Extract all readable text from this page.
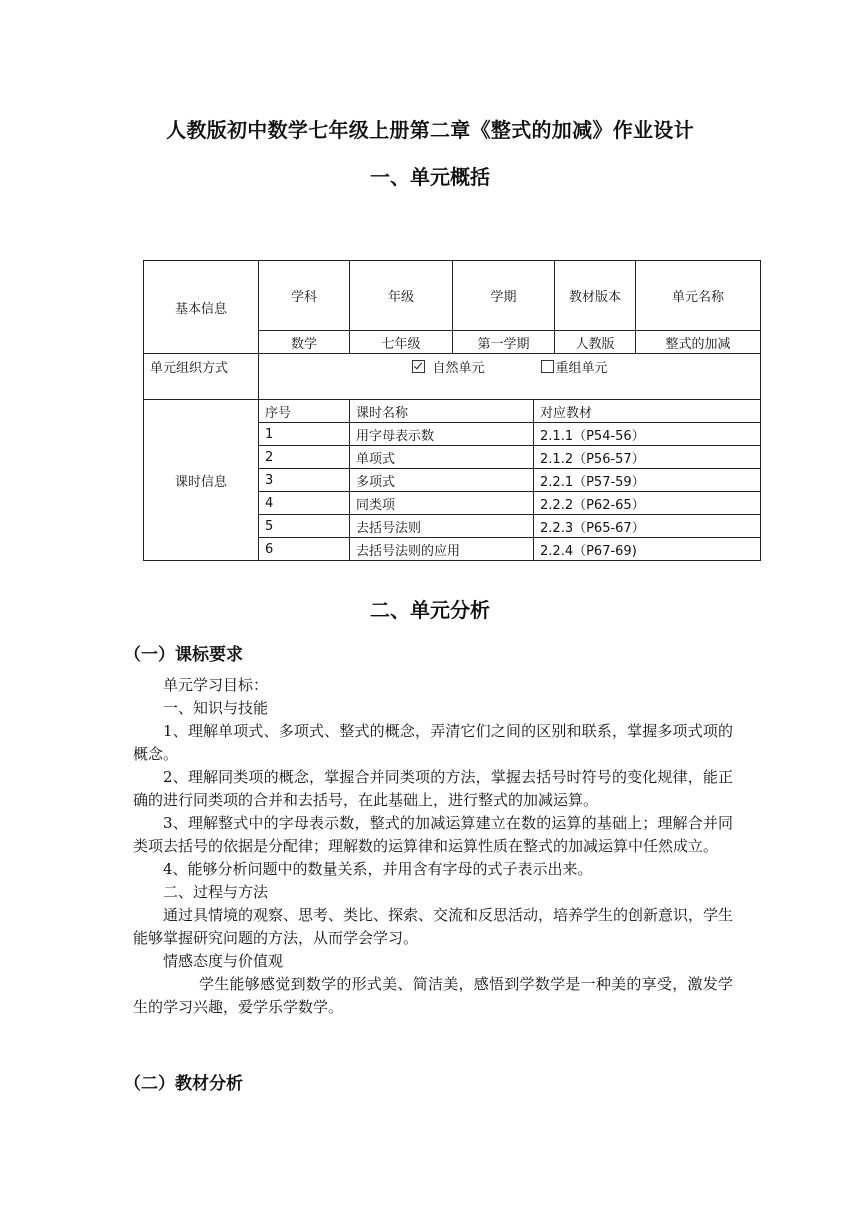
人教版初中数学七年级上册第二章《整式的加减》作业设计
一、单元概括
基本信息	学科	年级	学期		教材版本	单元名称
	数学	七年级	第一学期		人教版	整式的加减
单元组织方式	自然单元 重组单元					

课时信息	序号	课时名称		对应教材		
	1	用字母表示数		2.1.1（P54-56）		
	2	单项式		2.1.2（P56-57）		
	3	多项式		2.2.1（P57-59）		
	4	同类项		2.2.2（P62-65）		
	5	去括号法则		2.2.3（P65-67）		
	6	去括号法则的应用		2.2.4（P67-69)		
二、单元分析
（一）课标要求

单元学习目标：

一、知识与技能

1、理解单项式、多项式、整式的概念，弄清它们之间的区别和联系，掌握多项式项的概念。

2、理解同类项的概念，掌握合并同类项的方法，掌握去括号时符号的变化规律，能正确的进行同类项的合并和去括号，在此基础上，进行整式的加减运算。

3、理解整式中的字母表示数，整式的加减运算建立在数的运算的基础上；理解合并同类项去括号的依据是分配律；理解数的运算律和运算性质在整式的加减运算中任然成立。

4、能够分析问题中的数量关系，并用含有字母的式子表示出来。

二、过程与方法

通过具情境的观察、思考、类比、探索、交流和反思活动，培养学生的创新意识，学生能够掌握研究问题的方法，从而学会学习。

情感态度与价值观

学生能够感觉到数学的形式美、简洁美，感悟到学数学是一种美的享受，激发学生的学习兴趣，爱学乐学数学。

（二）教材分析
